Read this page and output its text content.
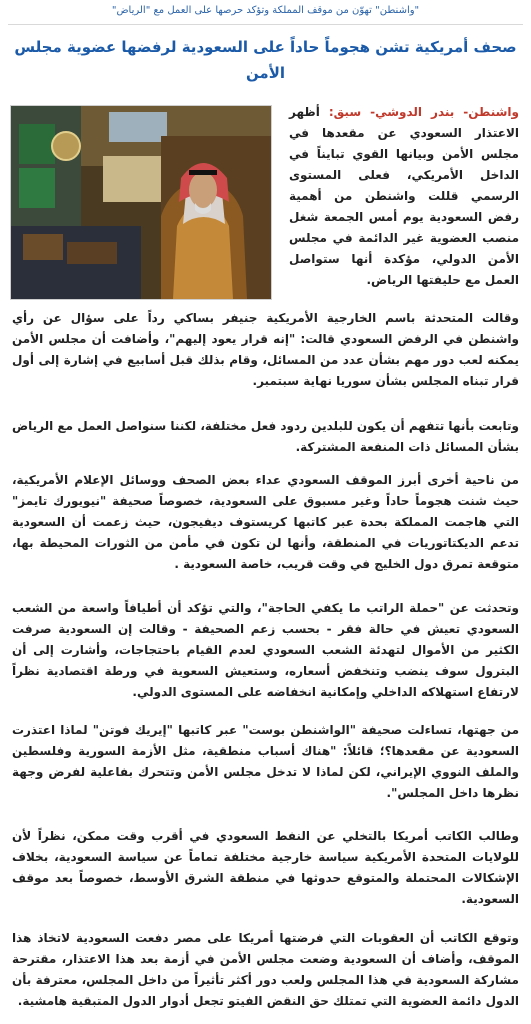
"واشنطن" تهوّن من موقف المملكة وتؤكد حرصها على العمل مع "الرياض"
صحف أمريكية تشن هجوماً حاداً على السعودية لرفضها عضوية مجلس الأمن
واشنطن- بندر الدوشي- سبق: أظهر الاعتذار السعودي عن مقعدها في مجلس الأمن وبيانها القوي تبايناً في الداخل الأمريكي، فعلى المستوى الرسمي قللت واشنطن من أهمية رفض السعودية يوم أمس الجمعة شغل منصب العضوية غير الدائمة في مجلس الأمن الدولي، مؤكدة أنها ستواصل العمل مع حليفتها الرياض.
وقالت المتحدثة باسم الخارجية الأمريكية جنيفر بساكي رداً على سؤال عن رأي واشنطن في الرفض السعودي قالت: "إنه قرار يعود إليهم"، وأضافت أن مجلس الأمن يمكنه لعب دور مهم بشأن عدد من المسائل، وقام بذلك قبل أسابيع في إشارة إلى أول قرار تبناه المجلس بشأن سوريا نهاية سبتمبر.
وتابعت بأنها تتفهم أن يكون للبلدين ردود فعل مختلفة، لكننا سنواصل العمل مع الرياض بشأن المسائل ذات المنفعة المشتركة.
من ناحية أخرى أبرز الموقف السعودي عداء بعض الصحف ووسائل الإعلام الأمريكية، حيث شنت هجوماً حاداً وغير مسبوق على السعودية، خصوصاً صحيفة "نيويورك تايمز" التي هاجمت المملكة بحدة عبر كاتبها كريستوف ديفيجون، حيث زعمت أن السعودية تدعم الديكتاتوريات في المنطقة، وأنها لن تكون في مأمن من الثورات المحيطة بها، متوقعة تمرق دول الخليج في وقت قريب، خاصة السعودية .
وتحدثت عن "حملة الراتب ما يكفي الحاجة"، والتي تؤكد أن أطيافاً واسعة من الشعب السعودي تعيش في حالة فقر - بحسب زعم الصحيفة - وقالت إن السعودية صرفت الكثير من الأموال لتهدئة الشعب السعودي لعدم القيام باحتجاجات، وأشارت إلى أن البترول سوف ينضب وتنخفض أسعاره، وستعيش السعوية في ورطة اقتصادية نظراً لارتفاع استهلاكه الداخلي وإمكانية انخفاضه على المستوى الدولي.
من جهتها، تساءلت صحيفة "الواشنطن بوست" عبر كاتبها "إيريك فوتن" لماذا اعتذرت السعودية عن مقعدها؟؛ قائلاً: "هناك أسباب منطقية، مثل الأزمة السورية وفلسطين والملف النووي الإيراني، لكن لماذا لا تدخل مجلس الأمن وتتحرك بفاعلية لفرض وجهة نظرها داخل المجلس".
وطالب الكاتب أمريكا بالتخلي عن النفط السعودي في أقرب وقت ممكن، نظراً لأن للولايات المتحدة الأمريكية سياسة خارجية مختلفة تماماً عن سياسة السعودية، بخلاف الإشكالات المحتملة والمتوقع حدوثها في منطقة الشرق الأوسط، خصوصاً بعد موقف السعودية.
وتوقع الكاتب أن العقوبات التي فرضتها أمريكا على مصر دفعت السعودية لاتخاذ هذا الموقف، وأضاف أن السعودية وضعت مجلس الأمن في أزمة بعد هذا الاعتذار، مقترحة مشاركة السعودية في هذا المجلس ولعب دور أكثر تأثيراً من داخل المجلس، معترفة بأن الدول دائمة العضوية التي تمتلك حق النقض الفيتو تجعل أدوار الدول المتبقية هامشية.
